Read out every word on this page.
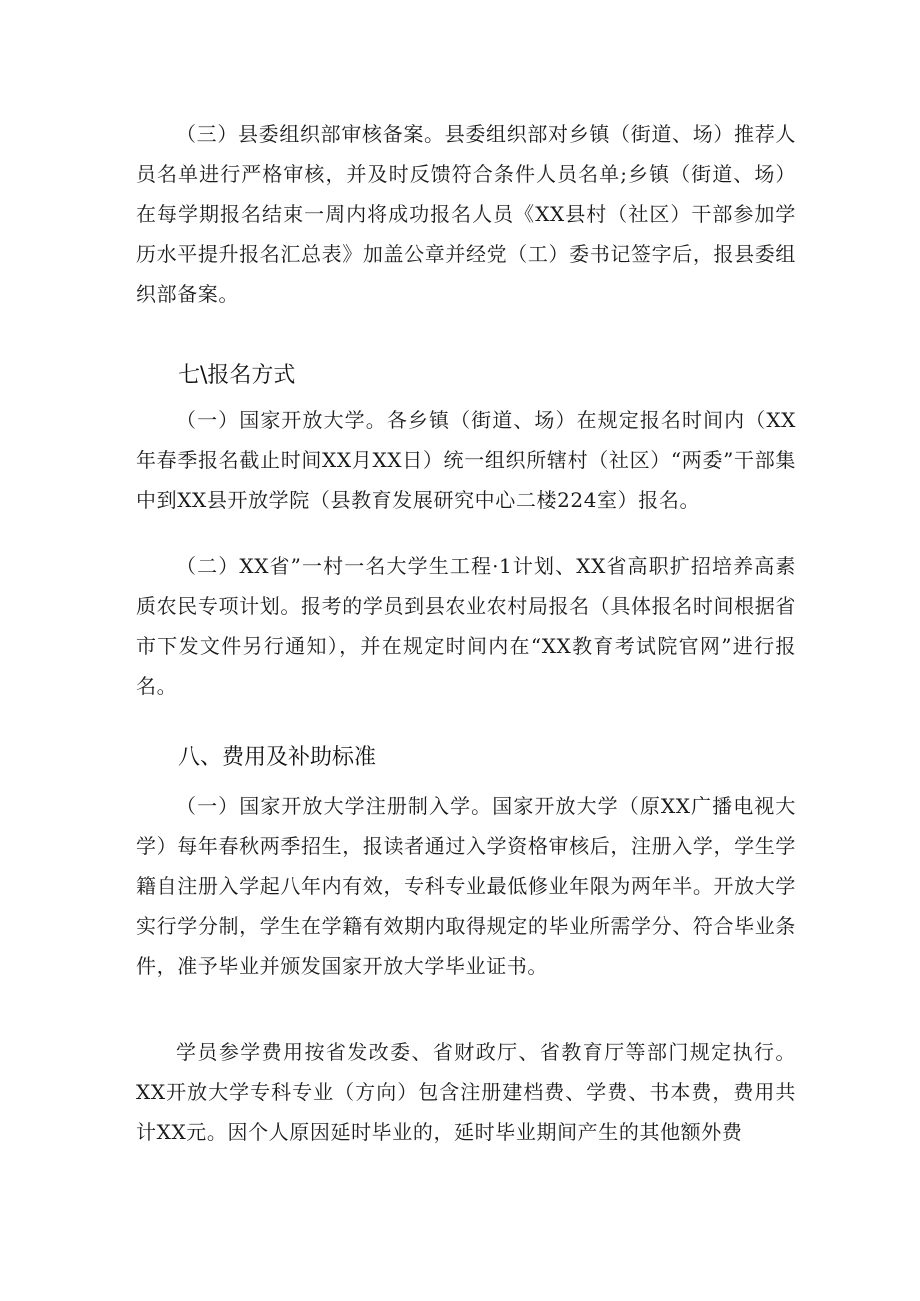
（三）县委组织部审核备案。县委组织部对乡镇（街道、场）推荐人员名单进行严格审核，并及时反馈符合条件人员名单;乡镇（街道、场）在每学期报名结束一周内将成功报名人员《XX县村（社区）干部参加学历水平提升报名汇总表》加盖公章并经党（工）委书记签字后，报县委组织部备案。

七\报名方式

（一）国家开放大学。各乡镇（街道、场）在规定报名时间内（XX年春季报名截止时间XX月XX日）统一组织所辖村（社区）“两委”干部集中到XX县开放学院（县教育发展研究中心二楼224室）报名。

（二）XX省”一村一名大学生工程·1计划、XX省高职扩招培养高素质农民专项计划。报考的学员到县农业农村局报名（具体报名时间根据省市下发文件另行通知），并在规定时间内在“XX教育考试院官网”进行报名。

八、费用及补助标准

（一）国家开放大学注册制入学。国家开放大学（原XX广播电视大学）每年春秋两季招生，报读者通过入学资格审核后，注册入学，学生学籍自注册入学起八年内有效，专科专业最低修业年限为两年半。开放大学实行学分制，学生在学籍有效期内取得规定的毕业所需学分、符合毕业条件，准予毕业并颁发国家开放大学毕业证书。

学员参学费用按省发改委、省财政厅、省教育厅等部门规定执行。XX开放大学专科专业（方向）包含注册建档费、学费、书本费，费用共计XX元。因个人原因延时毕业的，延时毕业期间产生的其他额外费
